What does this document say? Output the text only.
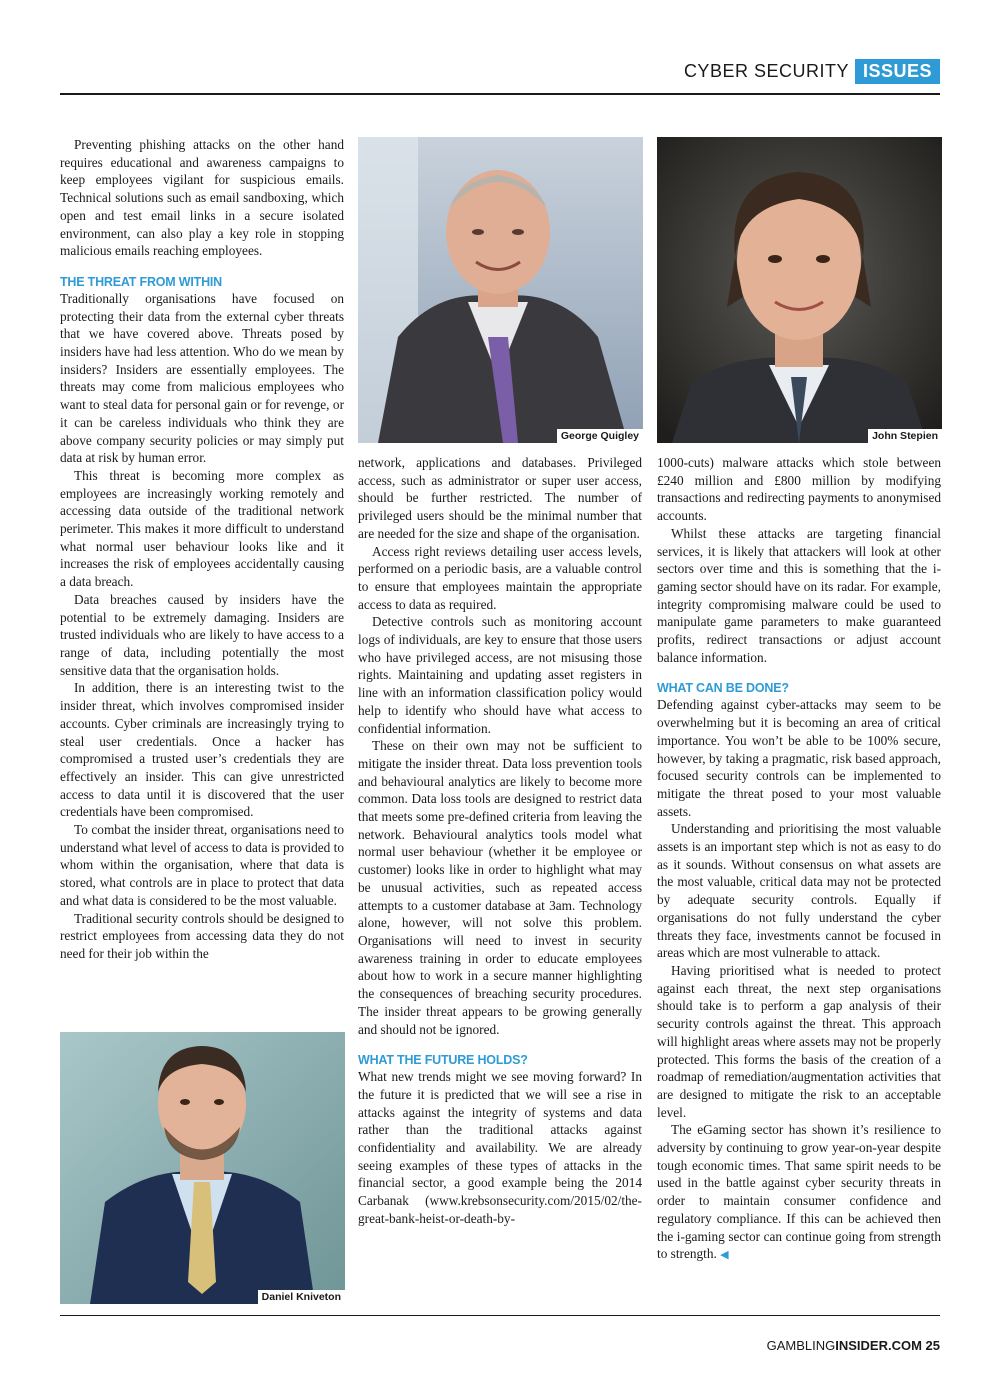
CYBER SECURITY ISSUES

Preventing phishing attacks on the other hand requires educational and awareness campaigns to keep employees vigilant for suspicious emails. Technical solutions such as email sandboxing, which open and test email links in a secure isolated environment, can also play a key role in stopping malicious emails reaching employees.

THE THREAT FROM WITHIN

Traditionally organisations have focused on protecting their data from the external cyber threats that we have covered above. Threats posed by insiders have had less attention. Who do we mean by insiders? Insiders are essentially employees. The threats may come from malicious employees who want to steal data for personal gain or for revenge, or it can be careless individuals who think they are above company security policies or may simply put data at risk by human error.

This threat is becoming more complex as employees are increasingly working remotely and accessing data outside of the traditional network perimeter. This makes it more difficult to understand what normal user behaviour looks like and it increases the risk of employees accidentally causing a data breach.

Data breaches caused by insiders have the potential to be extremely damaging. Insiders are trusted individuals who are likely to have access to a range of data, including potentially the most sensitive data that the organisation holds.

In addition, there is an interesting twist to the insider threat, which involves compromised insider accounts. Cyber criminals are increasingly trying to steal user credentials. Once a hacker has compromised a trusted user’s credentials they are effectively an insider. This can give unrestricted access to data until it is discovered that the user credentials have been compromised.

To combat the insider threat, organisations need to understand what level of access to data is provided to whom within the organisation, where that data is stored, what controls are in place to protect that data and what data is considered to be the most valuable.

Traditional security controls should be designed to restrict employees from accessing data they do not need for their job within the

George Quigley	John Stepien

network, applications and databases. Privileged access, such as administrator or super user access, should be further restricted. The number of privileged users should be the minimal number that are needed for the size and shape of the organisation.

Access right reviews detailing user access levels, performed on a periodic basis, are a valuable control to ensure that employees maintain the appropriate access to data as required.

Detective controls such as monitoring account logs of individuals, are key to ensure that those users who have privileged access, are not misusing those rights. Maintaining and updating asset registers in line with an information classification policy would help to identify who should have what access to confidential information.

These on their own may not be sufficient to mitigate the insider threat. Data loss prevention tools and behavioural analytics are likely to become more common. Data loss tools are designed to restrict data that meets some pre-defined criteria from leaving the network. Behavioural analytics tools model what normal user behaviour (whether it be employee or customer) looks like in order to highlight what may be unusual activities, such as repeated access attempts to a customer database at 3am. Technology alone, however, will not solve this problem. Organisations will need to invest in security awareness training in order to educate employees about how to work in a secure manner highlighting the consequences of breaching security procedures. The insider threat appears to be growing generally and should not be ignored.

WHAT THE FUTURE HOLDS?

What new trends might we see moving forward? In the future it is predicted that we will see a rise in attacks against the integrity of systems and data rather than the traditional attacks against confidentiality and availability. We are already seeing examples of these types of attacks in the financial sector, a good example being the 2014 Carbanak (www.krebsonsecurity.com/2015/02/the-great-bank-heist-or-death-by-

1000-cuts) malware attacks which stole between £240 million and £800 million by modifying transactions and redirecting payments to anonymised accounts.

Whilst these attacks are targeting financial services, it is likely that attackers will look at other sectors over time and this is something that the i-gaming sector should have on its radar. For example, integrity compromising malware could be used to manipulate game parameters to make guaranteed profits, redirect transactions or adjust account balance information.

WHAT CAN BE DONE?

Defending against cyber-attacks may seem to be overwhelming but it is becoming an area of critical importance. You won’t be able to be 100% secure, however, by taking a pragmatic, risk based approach, focused security controls can be implemented to mitigate the threat posed to your most valuable assets.

Understanding and prioritising the most valuable assets is an important step which is not as easy to do as it sounds. Without consensus on what assets are the most valuable, critical data may not be protected by adequate security controls. Equally if organisations do not fully understand the cyber threats they face, investments cannot be focused in areas which are most vulnerable to attack.

Having prioritised what is needed to protect against each threat, the next step organisations should take is to perform a gap analysis of their security controls against the threat. This approach will highlight areas where assets may not be properly protected. This forms the basis of the creation of a roadmap of remediation/augmentation activities that are designed to mitigate the risk to an acceptable level.

The eGaming sector has shown it’s resilience to adversity by continuing to grow year-on-year despite tough economic times. That same spirit needs to be used in the battle against cyber security threats in order to maintain consumer confidence and regulatory compliance. If this can be achieved then the i-gaming sector can continue going from strength to strength. ◀

Daniel Kniveton
GAMBLINGINSIDER.COM 25
